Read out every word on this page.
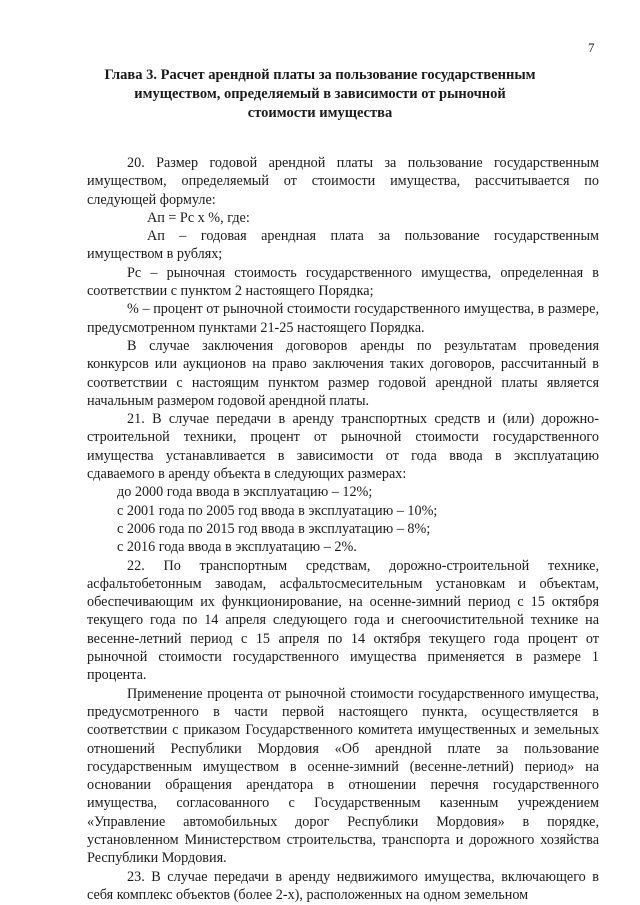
7
Глава 3. Расчет арендной платы за пользование государственным имуществом, определяемый в зависимости от рыночной стоимости имущества

20. Размер годовой арендной платы за пользование государственным имуществом, определяемый от стоимости имущества, рассчитывается по следующей формуле:

Ап = Рс х %, где:

Ап – годовая арендная плата за пользование государственным имуществом в рублях;

Рс – рыночная стоимость государственного имущества, определенная в соответствии с пунктом 2 настоящего Порядка;

% – процент от рыночной стоимости государственного имущества, в размере, предусмотренном пунктами 21-25 настоящего Порядка.

В случае заключения договоров аренды по результатам проведения конкурсов или аукционов на право заключения таких договоров, рассчитанный в соответствии с настоящим пунктом размер годовой арендной платы является начальным размером годовой арендной платы.

21. В случае передачи в аренду транспортных средств и (или) дорожно-строительной техники, процент от рыночной стоимости государственного имущества устанавливается в зависимости от года ввода в эксплуатацию сдаваемого в аренду объекта в следующих размерах:

до 2000 года ввода в эксплуатацию – 12%;

с 2001 года по 2005 год ввода в эксплуатацию – 10%;

с 2006 года по 2015 год ввода в эксплуатацию – 8%;

с 2016 года ввода в эксплуатацию – 2%.

22. По транспортным средствам, дорожно-строительной технике, асфальтобетонным заводам, асфальтосмесительным установкам и объектам, обеспечивающим их функционирование, на осенне-зимний период с 15 октября текущего года по 14 апреля следующего года и снегоочистительной технике на весенне-летний период с 15 апреля по 14 октября текущего года процент от рыночной стоимости государственного имущества применяется в размере 1 процента.

Применение процента от рыночной стоимости государственного имущества, предусмотренного в части первой настоящего пункта, осуществляется в соответствии с приказом Государственного комитета имущественных и земельных отношений Республики Мордовия «Об арендной плате за пользование государственным имуществом в осенне-зимний (весенне-летний) период» на основании обращения арендатора в отношении перечня государственного имущества, согласованного с Государственным казенным учреждением «Управление автомобильных дорог Республики Мордовия» в порядке, установленном Министерством строительства, транспорта и дорожного хозяйства Республики Мордовия.

23. В случае передачи в аренду недвижимого имущества, включающего в себя комплекс объектов (более 2-х), расположенных на одном земельном
